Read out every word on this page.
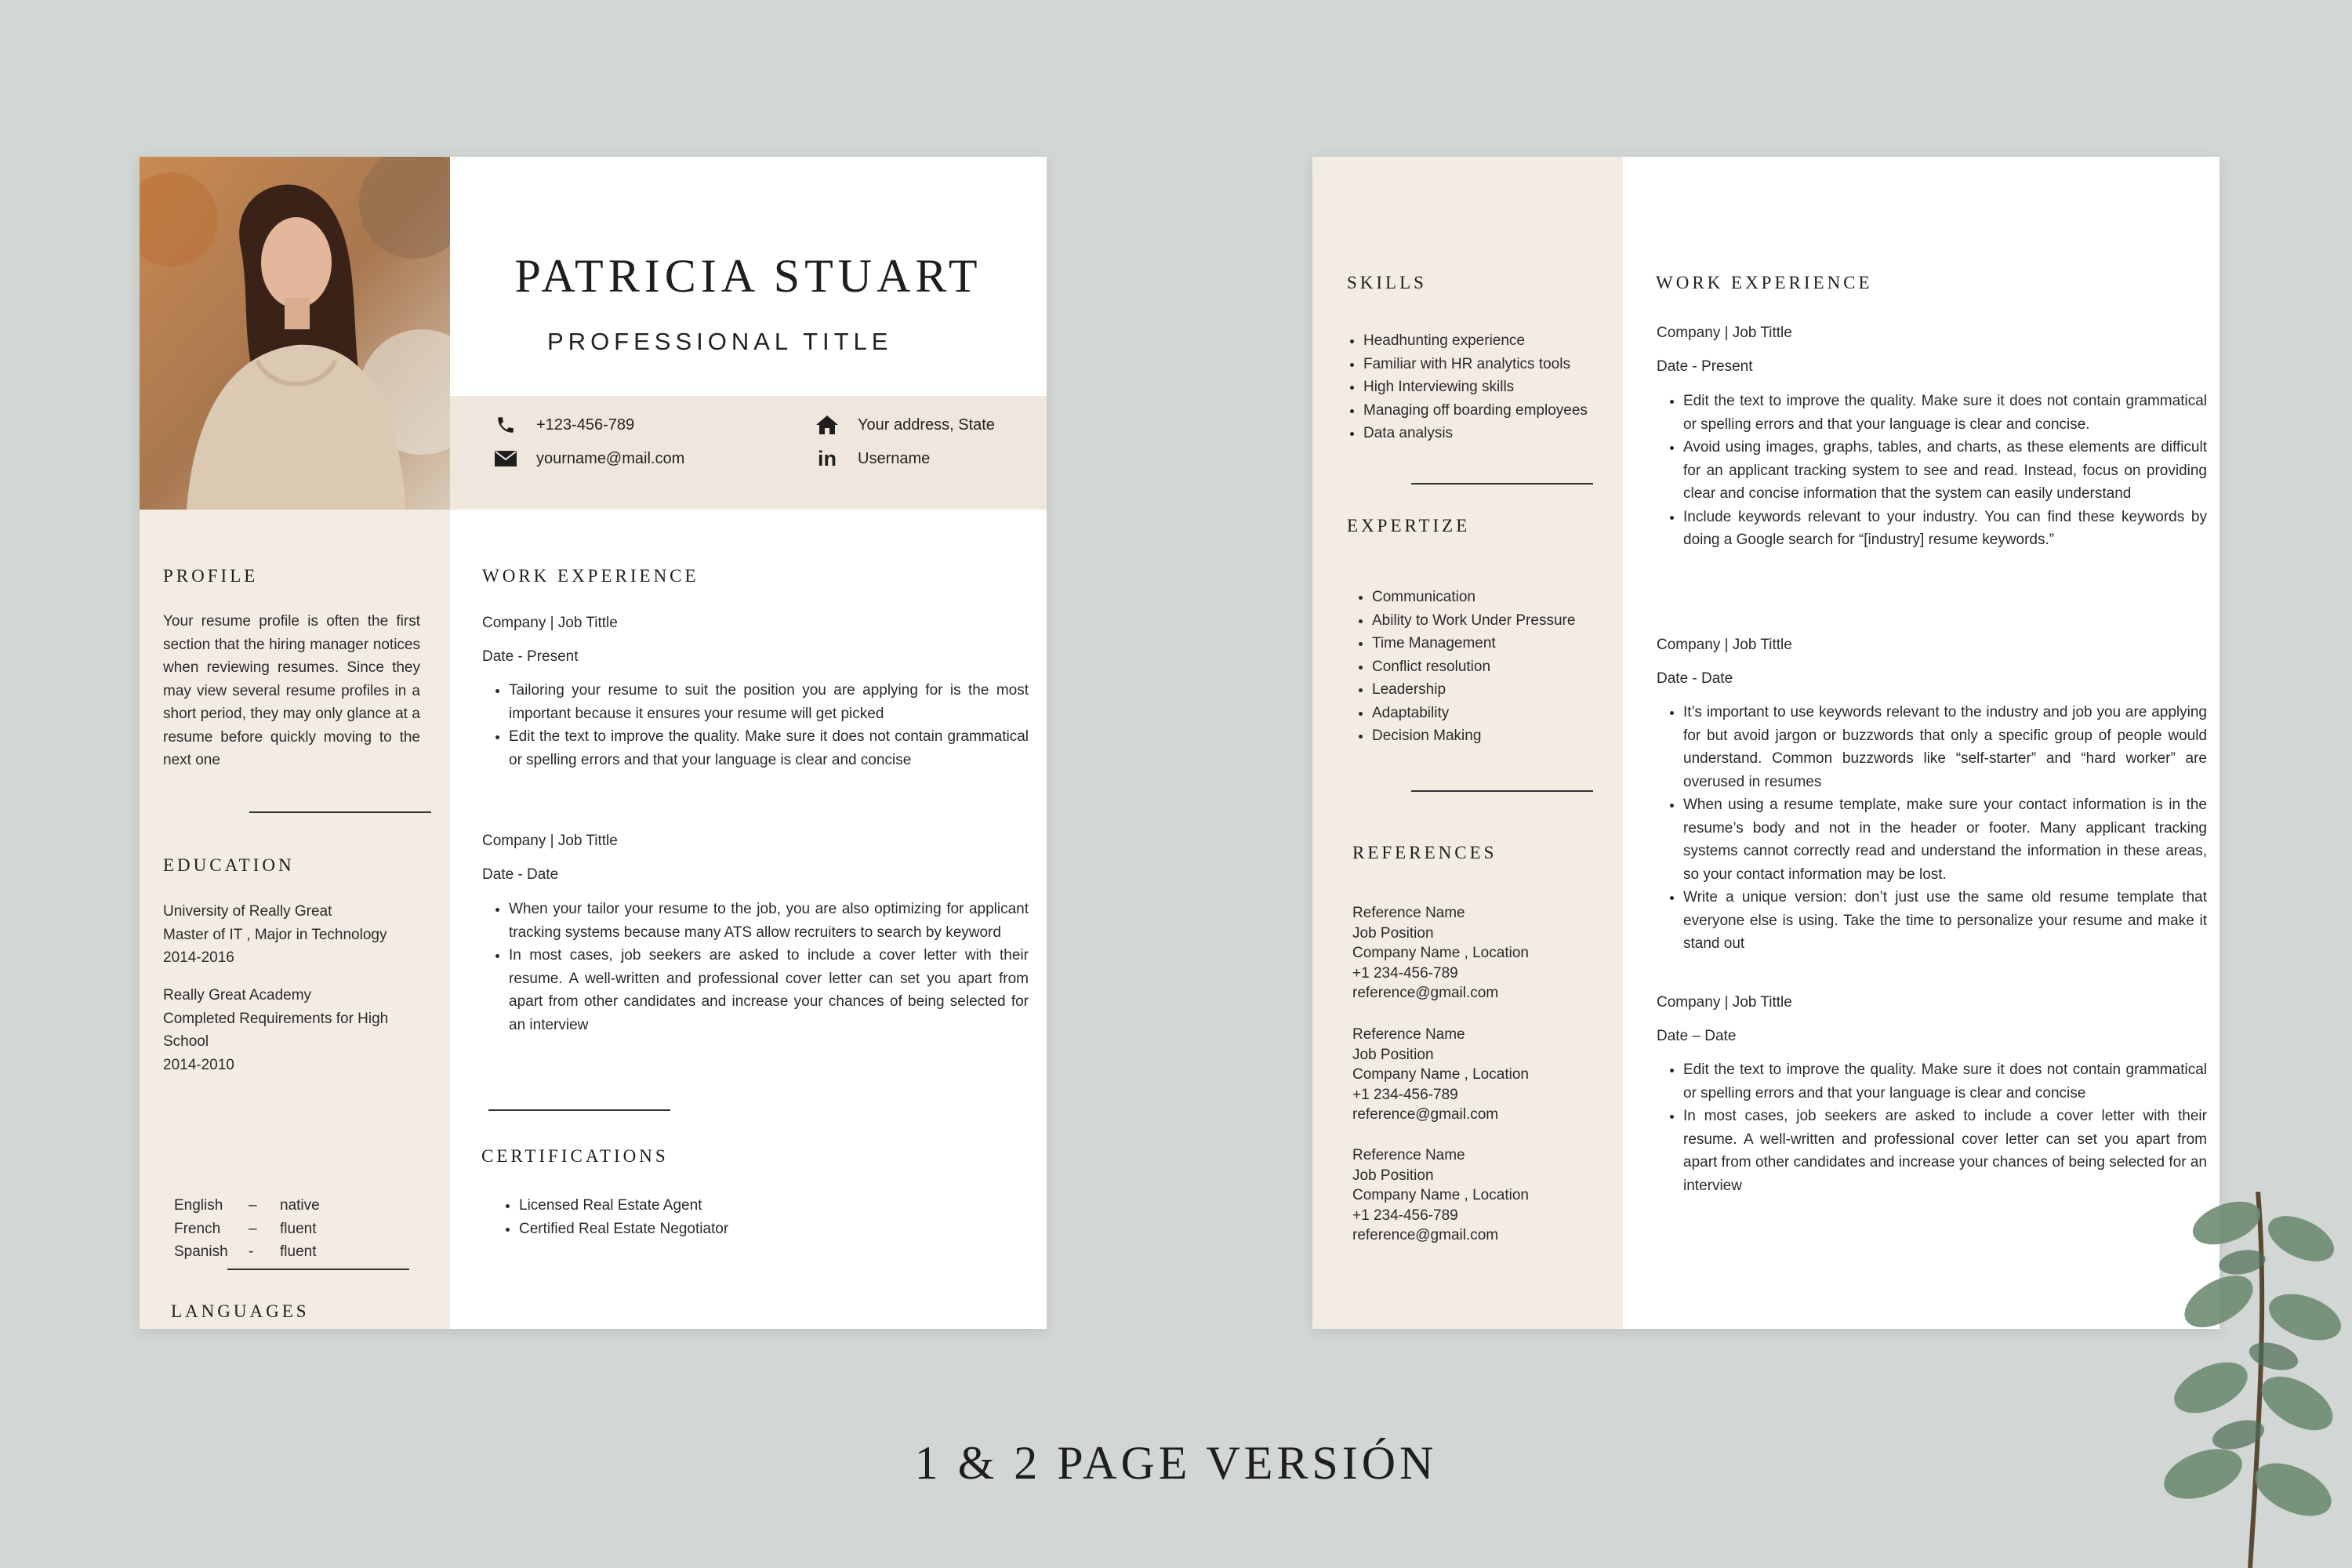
PATRICIA STUART
PROFESSIONAL TITLE
+123-456-789
yourname@mail.com
Your address, State
in Username
PROFILE
Your resume profile is often the first section that the hiring manager notices when reviewing resumes. Since they may view several resume profiles in a short period, they may only glance at a resume before quickly moving to the next one
EDUCATION
University of Really Great
Master of IT , Major in Technology
2014-2016
Really Great Academy
Completed Requirements for High
School
2014-2010
LANGUAGES
English	–	native
French	–	fluent
Spanish	-	fluent
WORK EXPERIENCE
Company | Job Tittle
Date - Present
• Tailoring your resume to suit the position you are applying for is the most important because it ensures your resume will get picked
• Edit the text to improve the quality. Make sure it does not contain grammatical or spelling errors and that your language is clear and concise
Company | Job Tittle
Date - Date
• When your tailor your resume to the job, you are also optimizing for applicant tracking systems because many ATS allow recruiters to search by keyword
• In most cases, job seekers are asked to include a cover letter with their resume. A well-written and professional cover letter can set you apart from apart from other candidates and increase your chances of being selected for an interview
CERTIFICATIONS
• Licensed Real Estate Agent
• Certified Real Estate Negotiator
SKILLS
• Headhunting experience
• Familiar with HR analytics tools
• High Interviewing skills
• Managing off boarding employees
• Data analysis
EXPERTIZE
• Communication
• Ability to Work Under Pressure
• Time Management
• Conflict resolution
• Leadership
• Adaptability
• Decision Making
REFERENCES
Reference Name
Job Position
Company Name , Location
+1 234-456-789
reference@gmail.com
Reference Name
Job Position
Company Name , Location
+1 234-456-789
reference@gmail.com
Reference Name
Job Position
Company Name , Location
+1 234-456-789
reference@gmail.com
WORK EXPERIENCE
Company | Job Tittle
Date - Present
• Edit the text to improve the quality. Make sure it does not contain grammatical or spelling errors and that your language is clear and concise.
• Avoid using images, graphs, tables, and charts, as these elements are difficult for an applicant tracking system to see and read. Instead, focus on providing clear and concise information that the system can easily understand
• Include keywords relevant to your industry. You can find these keywords by doing a Google search for “[industry] resume keywords.”
Company | Job Tittle
Date - Date
• It’s important to use keywords relevant to the industry and job you are applying for but avoid jargon or buzzwords that only a specific group of people would understand. Common buzzwords like “self-starter” and “hard worker” are overused in resumes
• When using a resume template, make sure your contact information is in the resume’s body and not in the header or footer. Many applicant tracking systems cannot correctly read and understand the information in these areas, so your contact information may be lost.
• Write a unique version: don’t just use the same old resume template that everyone else is using. Take the time to personalize your resume and make it stand out
Company | Job Tittle
Date – Date
• Edit the text to improve the quality. Make sure it does not contain grammatical or spelling errors and that your language is clear and concise
• In most cases, job seekers are asked to include a cover letter with their resume. A well-written and professional cover letter can set you apart from apart from other candidates and increase your chances of being selected for an interview
1 & 2 PAGE VERSIÓN
